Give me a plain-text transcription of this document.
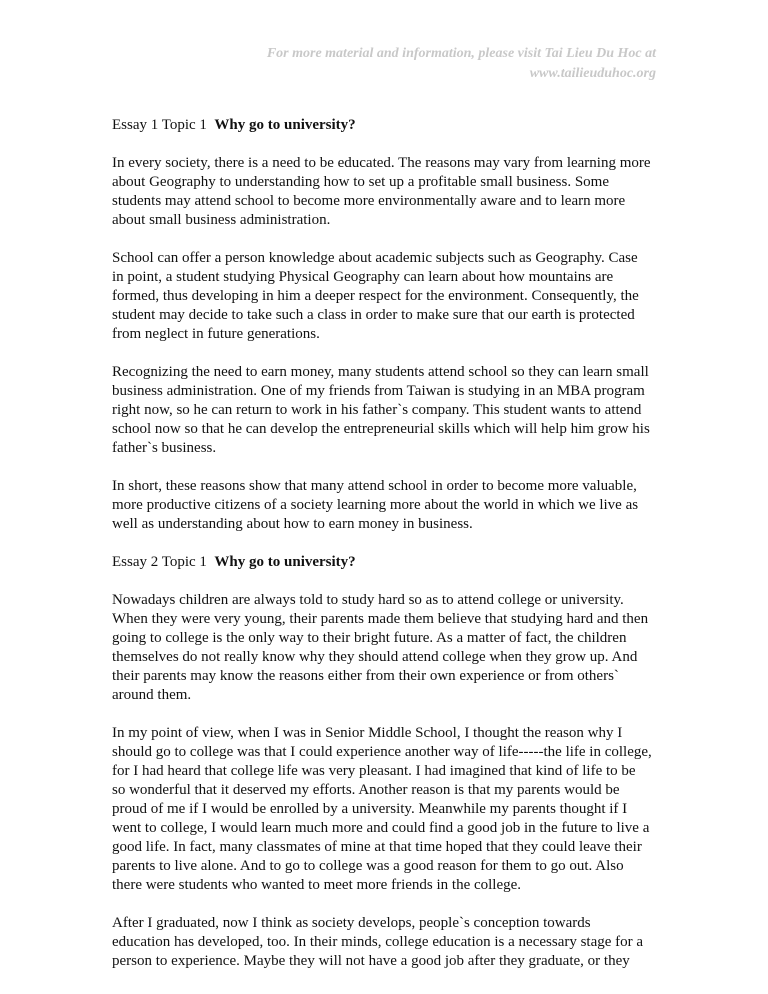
For more material and information, please visit Tai Lieu Du Hoc at
www.tailieuduhoc.org
Essay 1 Topic 1 Why go to university?
In every society, there is a need to be educated. The reasons may vary from learning more
about Geography to understanding how to set up a profitable small business. Some
students may attend school to become more environmentally aware and to learn more
about small business administration.
School can offer a person knowledge about academic subjects such as Geography. Case
in point, a student studying Physical Geography can learn about how mountains are
formed, thus developing in him a deeper respect for the environment. Consequently, the
student may decide to take such a class in order to make sure that our earth is protected
from neglect in future generations.
Recognizing the need to earn money, many students attend school so they can learn small
business administration. One of my friends from Taiwan is studying in an MBA program
right now, so he can return to work in his father`s company. This student wants to attend
school now so that he can develop the entrepreneurial skills which will help him grow his
father`s business.
In short, these reasons show that many attend school in order to become more valuable,
more productive citizens of a society learning more about the world in which we live as
well as understanding about how to earn money in business.
Essay 2 Topic 1 Why go to university?
Nowadays children are always told to study hard so as to attend college or university.
When they were very young, their parents made them believe that studying hard and then
going to college is the only way to their bright future. As a matter of fact, the children
themselves do not really know why they should attend college when they grow up. And
their parents may know the reasons either from their own experience or from others`
around them.
In my point of view, when I was in Senior Middle School, I thought the reason why I
should go to college was that I could experience another way of life-----the life in college,
for I had heard that college life was very pleasant. I had imagined that kind of life to be
so wonderful that it deserved my efforts. Another reason is that my parents would be
proud of me if I would be enrolled by a university. Meanwhile my parents thought if I
went to college, I would learn much more and could find a good job in the future to live a
good life. In fact, many classmates of mine at that time hoped that they could leave their
parents to live alone. And to go to college was a good reason for them to go out. Also
there were students who wanted to meet more friends in the college.
After I graduated, now I think as society develops, people`s conception towards
education has developed, too. In their minds, college education is a necessary stage for a
person to experience. Maybe they will not have a good job after they graduate, or they
